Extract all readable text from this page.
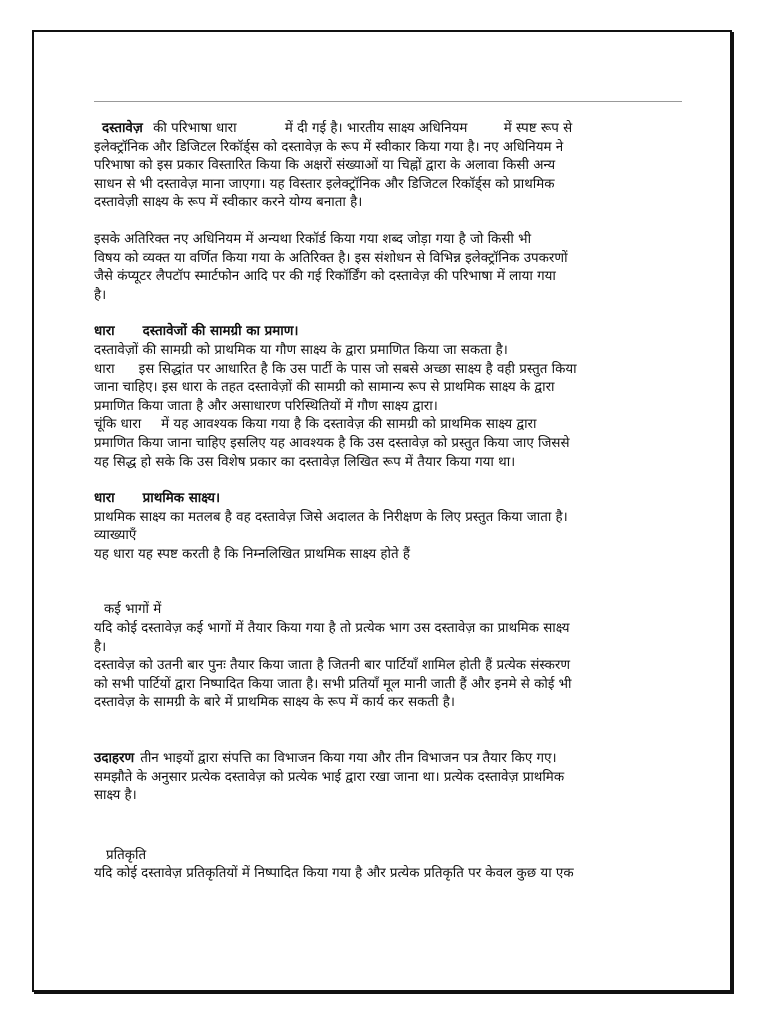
दस्तावेज़ की परिभाषा धारा	में दी गई है। भारतीय साक्ष्य अधिनियम	में स्पष्ट रूप से
इलेक्ट्रॉनिक और डिजिटल रिकॉर्ड्स को दस्तावेज़ के रूप में स्वीकार किया गया है। नए अधिनियम ने
परिभाषा को इस प्रकार विस्तारित किया कि अक्षरों संख्याओं या चिह्नों द्वारा के अलावा किसी अन्य
साधन से भी दस्तावेज़ माना जाएगा। यह विस्तार इलेक्ट्रॉनिक और डिजिटल रिकॉर्ड्स को प्राथमिक
दस्तावेज़ी साक्ष्य के रूप में स्वीकार करने योग्य बनाता है।
इसके अतिरिक्त नए अधिनियम में अन्यथा रिकॉर्ड किया गया शब्द जोड़ा गया है जो किसी भी
विषय को व्यक्त या वर्णित किया गया के अतिरिक्त है। इस संशोधन से विभिन्न इलेक्ट्रॉनिक उपकरणों
जैसे कंप्यूटर लैपटॉप स्मार्टफोन आदि पर की गई रिकॉर्डिंग को दस्तावेज़ की परिभाषा में लाया गया
है।
धारा दस्तावेजों की सामग्री का प्रमाण।
दस्तावेज़ों की सामग्री को प्राथमिक या गौण साक्ष्य के द्वारा प्रमाणित किया जा सकता है।
धारा इस सिद्धांत पर आधारित है कि उस पार्टी के पास जो सबसे अच्छा साक्ष्य है वही प्रस्तुत किया
जाना चाहिए। इस धारा के तहत दस्तावेज़ों की सामग्री को सामान्य रूप से प्राथमिक साक्ष्य के द्वारा
प्रमाणित किया जाता है और असाधारण परिस्थितियों में गौण साक्ष्य द्वारा।
चूंकि धारा में यह आवश्यक किया गया है कि दस्तावेज़ की सामग्री को प्राथमिक साक्ष्य द्वारा
प्रमाणित किया जाना चाहिए इसलिए यह आवश्यक है कि उस दस्तावेज़ को प्रस्तुत किया जाए जिससे
यह सिद्ध हो सके कि उस विशेष प्रकार का दस्तावेज़ लिखित रूप में तैयार किया गया था।
धारा प्राथमिक साक्ष्य।
प्राथमिक साक्ष्य का मतलब है वह दस्तावेज़ जिसे अदालत के निरीक्षण के लिए प्रस्तुत किया जाता है।
व्याख्याएँ
यह धारा यह स्पष्ट करती है कि निम्नलिखित प्राथमिक साक्ष्य होते हैं
कई भागों में
यदि कोई दस्तावेज़ कई भागों में तैयार किया गया है तो प्रत्येक भाग उस दस्तावेज़ का प्राथमिक साक्ष्य
है।
दस्तावेज़ को उतनी बार पुनः तैयार किया जाता है जितनी बार पार्टियाँ शामिल होती हैं प्रत्येक संस्करण
को सभी पार्टियों द्वारा निष्पादित किया जाता है। सभी प्रतियाँ मूल मानी जाती हैं और इनमे से कोई भी
दस्तावेज़ के सामग्री के बारे में प्राथमिक साक्ष्य के रूप में कार्य कर सकती है।
उदाहरण तीन भाइयों द्वारा संपत्ति का विभाजन किया गया और तीन विभाजन पत्र तैयार किए गए।
समझौते के अनुसार प्रत्येक दस्तावेज़ को प्रत्येक भाई द्वारा रखा जाना था। प्रत्येक दस्तावेज़ प्राथमिक
साक्ष्य है।
प्रतिकृति
यदि कोई दस्तावेज़ प्रतिकृतियों में निष्पादित किया गया है और प्रत्येक प्रतिकृति पर केवल कुछ या एक
